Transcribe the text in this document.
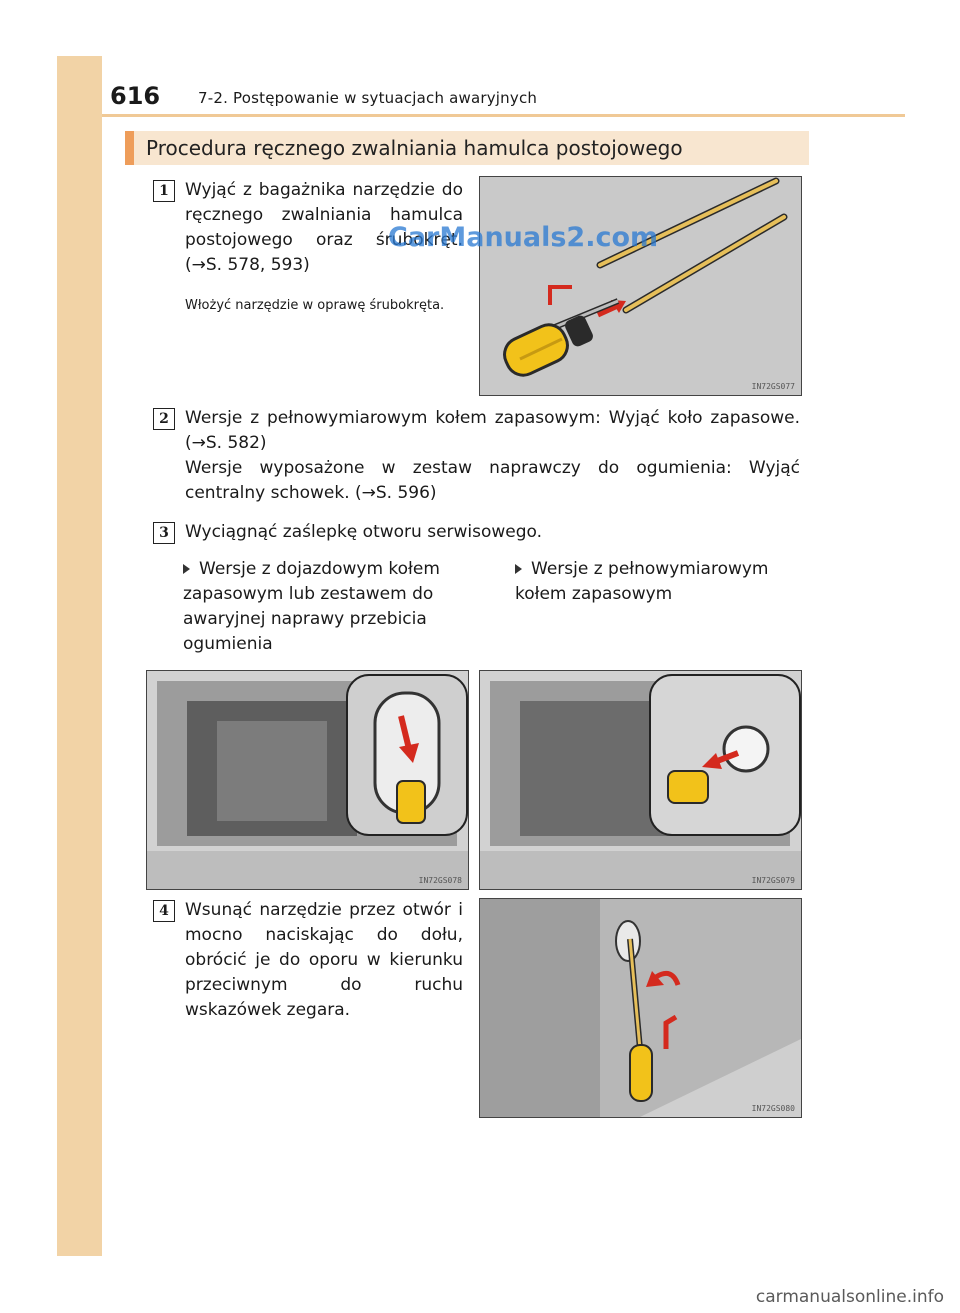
616	7-2. Postępowanie w sytuacjach awaryjnych
Procedura ręcznego zwalniania hamulca postojowego
1 Wyjąć z bagażnika narzędzie do ręcznego zwalniania hamulca postojowego oraz śrubokręt. (→S. 578, 593)
Włożyć narzędzie w oprawę śrubokręta.
IN72GS077
CarManuals2.com
2 Wersje z pełnowymiarowym kołem zapasowym: Wyjąć koło zapasowe. (→S. 582)
Wersje wyposażone w zestaw naprawczy do ogumienia: Wyjąć centralny schowek. (→S. 596)
3 Wyciągnąć zaślepkę otworu serwisowego.
Wersje z dojazdowym kołem zapasowym lub zestawem do awaryjnej naprawy przebicia ogumienia
Wersje z pełnowymiarowym kołem zapasowym
IN72GS078	IN72GS079
4 Wsunąć narzędzie przez otwór i mocno naciskając do dołu, obrócić je do oporu w kierunku przeciwnym do ruchu wskazówek zegara.
IN72GS080
carmanualsonline.info
